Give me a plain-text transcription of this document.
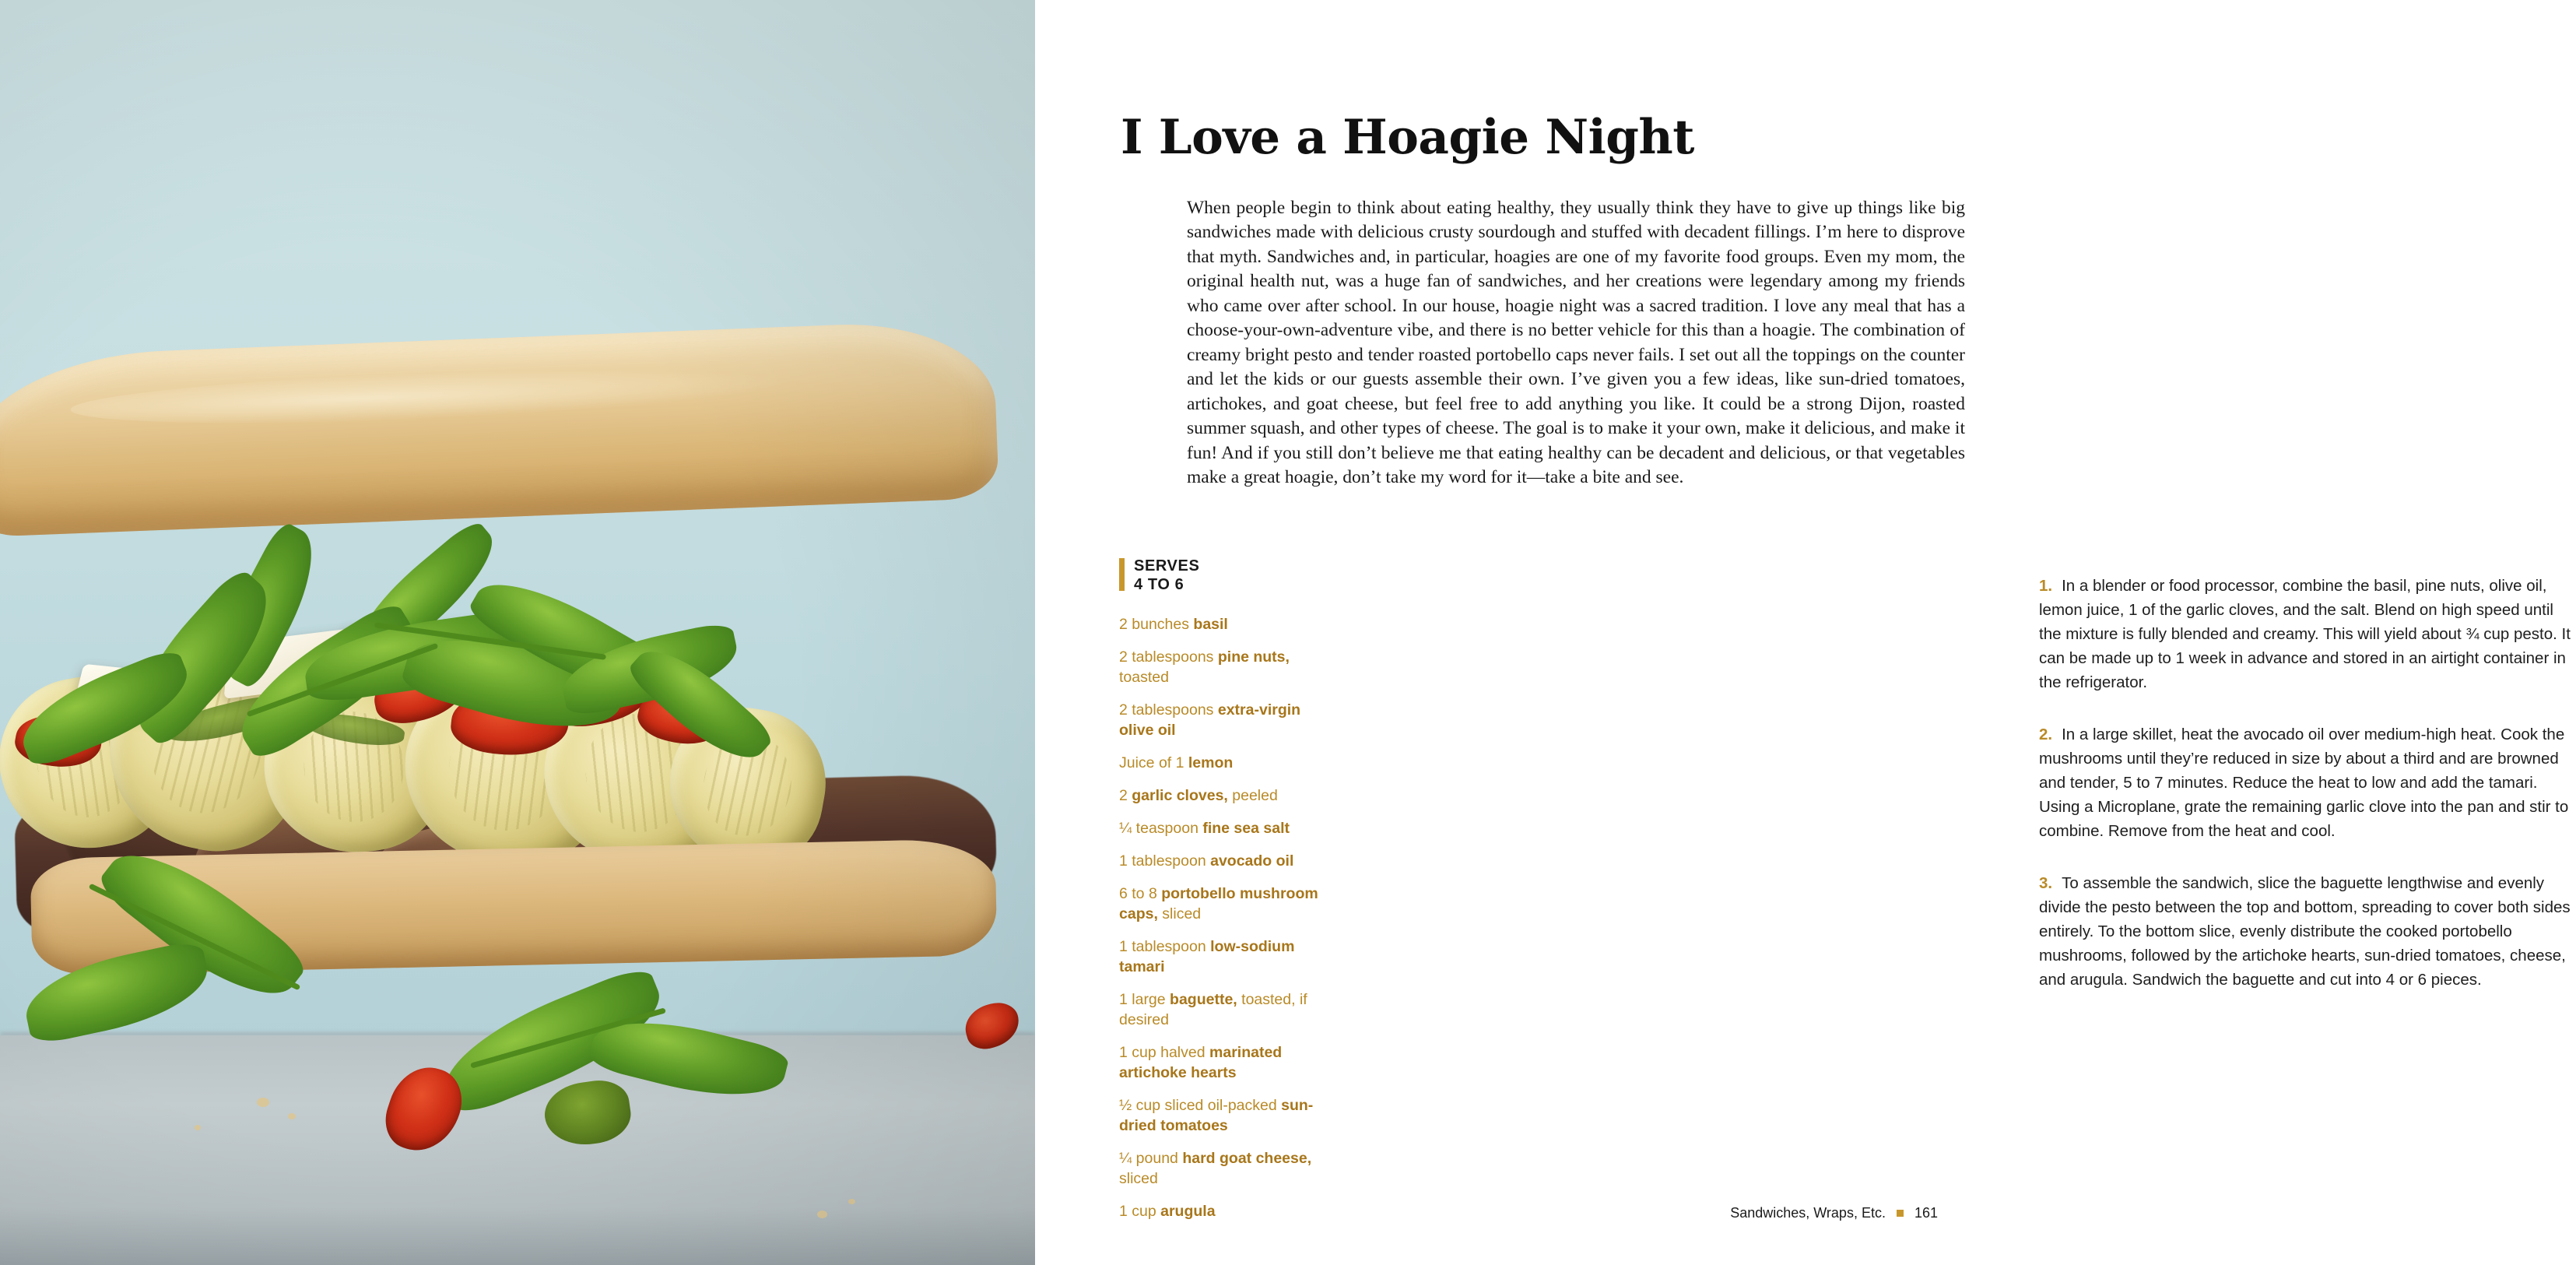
I Love a Hoagie Night

When people begin to think about eating healthy, they usually think they have to give up things like big sandwiches made with delicious crusty sourdough and stuffed with decadent fillings. I’m here to disprove that myth. Sandwiches and, in particular, hoagies are one of my favorite food groups. Even my mom, the original health nut, was a huge fan of sandwiches, and her creations were legendary among my friends who came over after school. In our house, hoagie night was a sacred tradition. I love any meal that has a choose-your-own-adventure vibe, and there is no better vehicle for this than a hoagie. The combination of creamy bright pesto and tender roasted portobello caps never fails. I set out all the toppings on the counter and let the kids or our guests assemble their own. I’ve given you a few ideas, like sun-dried tomatoes, artichokes, and goat cheese, but feel free to add anything you like. It could be a strong Dijon, roasted summer squash, and other types of cheese. The goal is to make it your own, make it delicious, and make it fun! And if you still don’t believe me that eating healthy can be decadent and delicious, or that vegetables make a great hoagie, don’t take my word for it—take a bite and see.

SERVES
4 TO 6
2 bunches basil
2 tablespoons pine nuts, toasted
2 tablespoons extra-virgin olive oil
Juice of 1 lemon
2 garlic cloves, peeled
¼ teaspoon fine sea salt
1 tablespoon avocado oil
6 to 8 portobello mushroom caps, sliced
1 tablespoon low-sodium tamari
1 large baguette, toasted, if desired
1 cup halved marinated artichoke hearts
½ cup sliced oil-packed sun-dried tomatoes
¼ pound hard goat cheese, sliced
1 cup arugula

1. In a blender or food processor, combine the basil, pine nuts, olive oil, lemon juice, 1 of the garlic cloves, and the salt. Blend on high speed until the mixture is fully blended and creamy. This will yield about ¾ cup pesto. It can be made up to 1 week in advance and stored in an airtight container in the refrigerator.

2. In a large skillet, heat the avocado oil over medium-high heat. Cook the mushrooms until they’re reduced in size by about a third and are browned and tender, 5 to 7 minutes. Reduce the heat to low and add the tamari. Using a Microplane, grate the remaining garlic clove into the pan and stir to combine. Remove from the heat and cool.

3. To assemble the sandwich, slice the baguette lengthwise and evenly divide the pesto between the top and bottom, spreading to cover both sides entirely. To the bottom slice, evenly distribute the cooked portobello mushrooms, followed by the artichoke hearts, sun-dried tomatoes, cheese, and arugula. Sandwich the baguette and cut into 4 or 6 pieces.

Sandwiches, Wraps, Etc. 161
